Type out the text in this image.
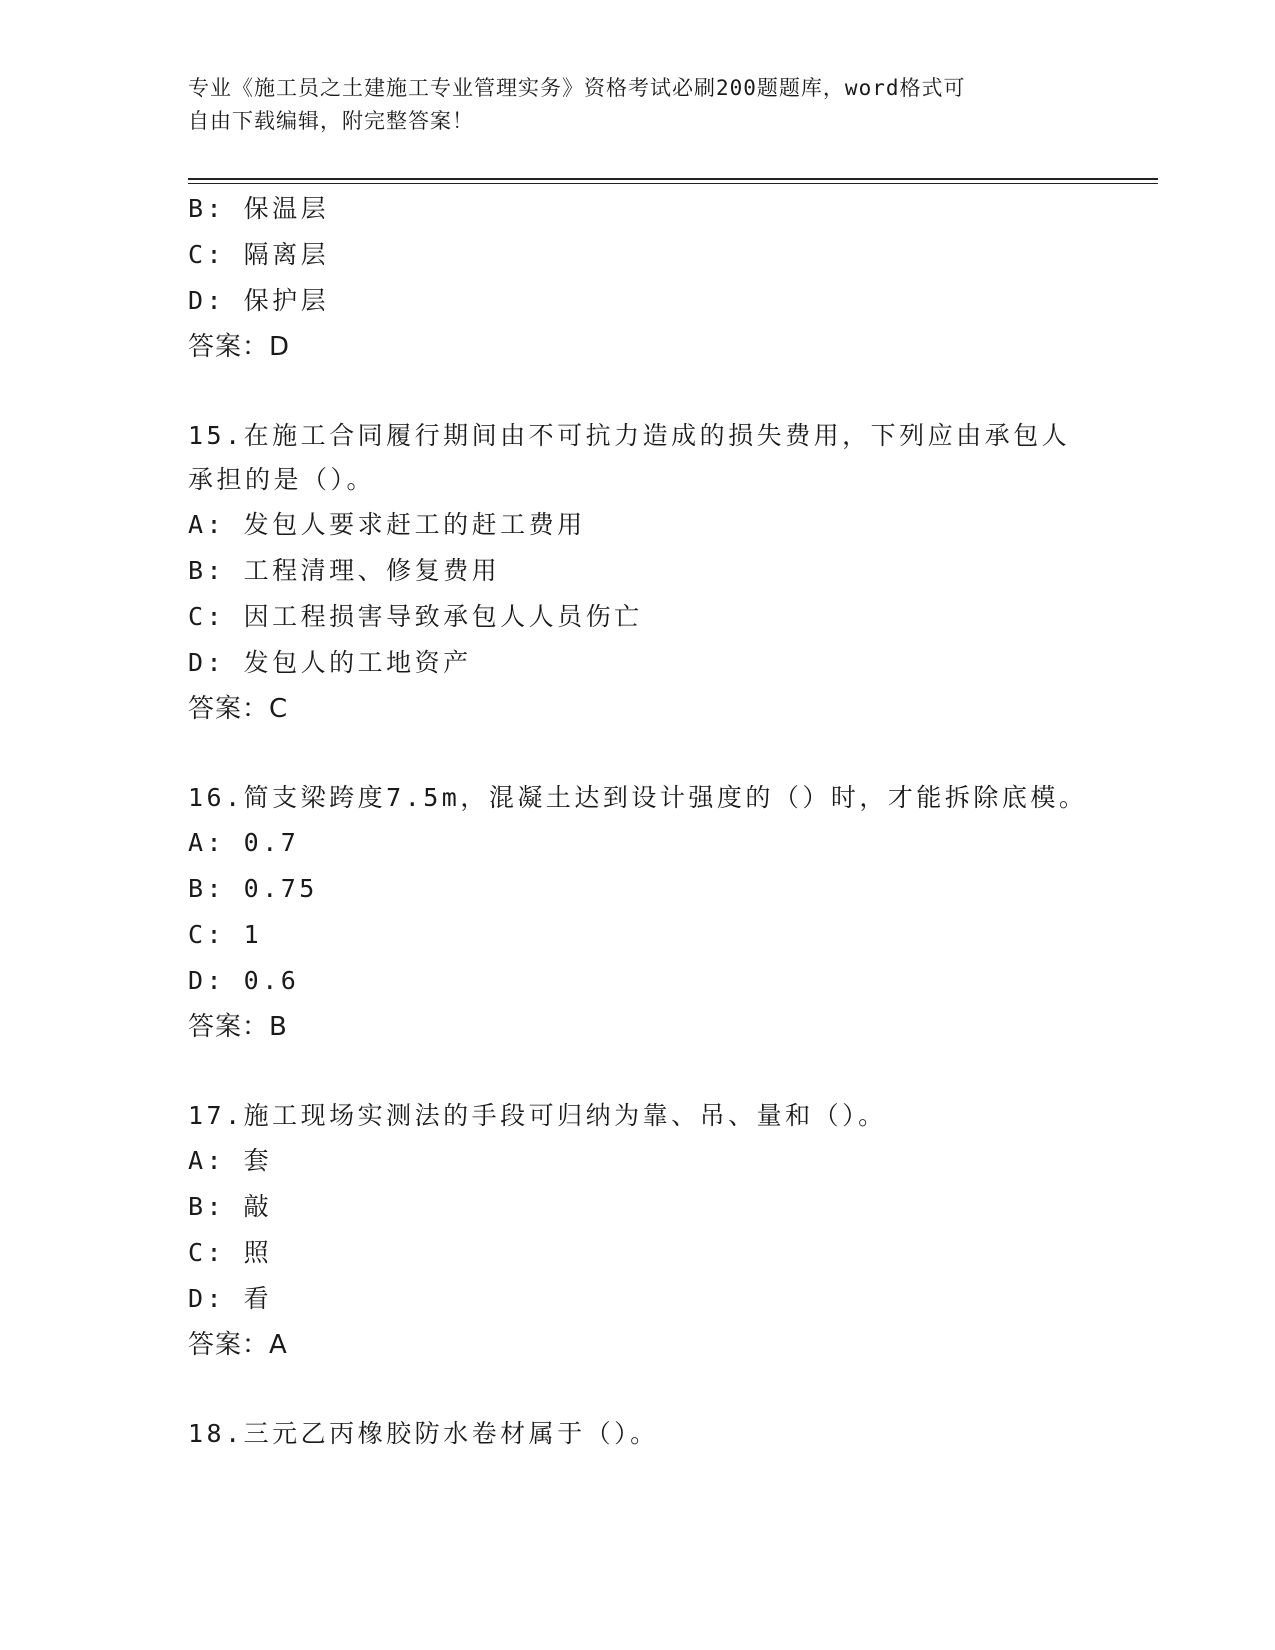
专业《施工员之土建施工专业管理实务》资格考试必刷200题题库，word格式可
自由下载编辑，附完整答案！
B: 保温层
C: 隔离层
D: 保护层
答案：D
15.在施工合同履行期间由不可抗力造成的损失费用，下列应由承包人
承担的是（）。
A: 发包人要求赶工的赶工费用
B: 工程清理、修复费用
C: 因工程损害导致承包人人员伤亡
D: 发包人的工地资产
答案：C
16.简支梁跨度7.5m，混凝土达到设计强度的（）时，才能拆除底模。
A: 0.7
B: 0.75
C: 1
D: 0.6
答案：B
17.施工现场实测法的手段可归纳为靠、吊、量和（）。
A: 套
B: 敲
C: 照
D: 看
答案：A
18.三元乙丙橡胶防水卷材属于（）。
